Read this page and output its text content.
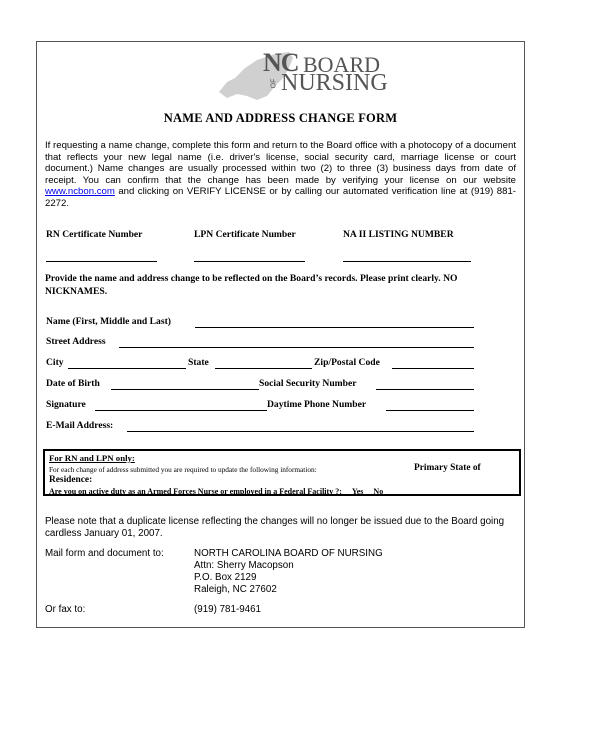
NC BOARD
OF NURSING
NAME AND ADDRESS CHANGE FORM
If requesting a name change, complete this form and return to the Board office with a photocopy of a document that reflects your new legal name (i.e. driver's license, social security card, marriage license or court document.) Name changes are usually processed within two (2) to three (3) business days from date of receipt. You can confirm that the change has been made by verifying your license on our website www.ncbon.com and clicking on VERIFY LICENSE or by calling our automated verification line at (919) 881-2272.
RN Certificate Number	LPN Certificate Number	NA II LISTING NUMBER
Provide the name and address change to be reflected on the Board’s records. Please print clearly. NO NICKNAMES.
Name (First, Middle and Last)
Street Address
City	State	Zip/Postal Code
Date of Birth	Social Security Number
Signature	Daytime Phone Number
E-Mail Address:
For RN and LPN only:
For each change of address submitted you are required to update the following information:	Primary State of
Residence:
Are you on active duty as an Armed Forces Nurse or employed in a Federal Facility ?: __Yes __No
Please note that a duplicate license reflecting the changes will no longer be issued due to the Board going cardless January 01, 2007.
Mail form and document to:	NORTH CAROLINA BOARD OF NURSING
Attn: Sherry Macopson
P.O. Box 2129
Raleigh, NC 27602
Or fax to:	(919) 781-9461
